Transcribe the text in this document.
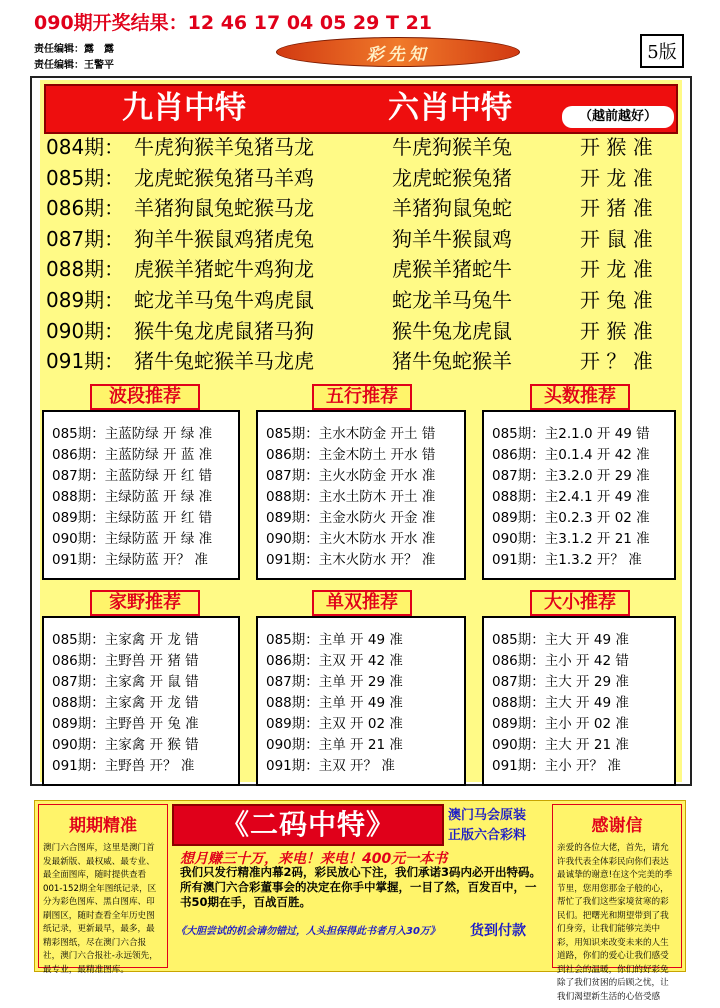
090期开奖结果：12 46 17 04 05 29 T 21
责任编辑：露　露
责任编辑：王警平
彩先知	5版
九肖中特	六肖中特	（越前越好）
084期： 牛虎狗猴羊兔猪马龙	牛虎狗猴羊兔	开 猴 准
085期： 龙虎蛇猴兔猪马羊鸡	龙虎蛇猴兔猪	开 龙 准
086期： 羊猪狗鼠兔蛇猴马龙	羊猪狗鼠兔蛇	开 猪 准
087期： 狗羊牛猴鼠鸡猪虎兔	狗羊牛猴鼠鸡	开 鼠 准
088期： 虎猴羊猪蛇牛鸡狗龙	虎猴羊猪蛇牛	开 龙 准
089期： 蛇龙羊马兔牛鸡虎鼠	蛇龙羊马兔牛	开 兔 准
090期： 猴牛兔龙虎鼠猪马狗	猴牛兔龙虎鼠	开 猴 准
091期： 猪牛兔蛇猴羊马龙虎	猪牛兔蛇猴羊	开 ？ 准
085期：主蓝防绿 开 绿 准
086期：主蓝防绿 开 蓝 准
087期：主蓝防绿 开 红 错
088期：主绿防蓝 开 绿 准
089期：主绿防蓝 开 红 错
090期：主绿防蓝 开 绿 准
091期：主绿防蓝 开？ 准
波段推荐
085期：主水木防金 开土 错
086期：主金木防土 开水 错
087期：主火水防金 开水 准
088期：主水土防木 开土 准
089期：主金水防火 开金 准
090期：主火木防水 开水 准
091期：主木火防水 开？ 准
五行推荐
085期：主2.1.0 开 49 错
086期：主0.1.4 开 42 准
087期：主3.2.0 开 29 准
088期：主2.4.1 开 49 准
089期：主0.2.3 开 02 准
090期：主3.1.2 开 21 准
091期：主1.3.2 开？ 准
头数推荐
085期：主家禽 开 龙 错
086期：主野兽 开 猪 错
087期：主家禽 开 鼠 错
088期：主家禽 开 龙 错
089期：主野兽 开 兔 准
090期：主家禽 开 猴 错
091期：主野兽 开？ 准
家野推荐
085期：主单 开 49 准
086期：主双 开 42 准
087期：主单 开 29 准
088期：主单 开 49 准
089期：主双 开 02 准
090期：主单 开 21 准
091期：主双 开？ 准
单双推荐
085期：主大 开 49 准
086期：主小 开 42 错
087期：主大 开 29 准
088期：主大 开 49 准
089期：主小 开 02 准
090期：主大 开 21 准
091期：主小 开？ 准
大小推荐
期期精准
澳门六合图库，这里是澳门首发最新版、最权威、最专业、最全面图库，随时提供查看001-152期全年图纸记录，区分为彩色图库、黑白图库、印刷图区，随时查看全年历史图纸记录，更新最早，最多，最精彩图纸，尽在澳门六合报社，澳门六合报社-永远领先，最专业，最精准图库。
感谢信
亲爱的各位大佬，首先，请允许我代表全体彩民向你们表达最诚挚的谢意!在这个完美的季节里，您用您那金子般的心，帮忙了我们这些家境贫寒的彩民们。把曙光和期望带到了我们身旁，让我们能够完美中彩，用知识来改变未来的人生道路，你们的爱心让我们感受到社会的温暖，你们的好彩免除了我们贫困的后顾之忧，让我们渴望新生活的心倍受感
《二码中特》	澳门马会原装
正版六合彩料
想月赚三十万，来电！来电！400元一本书
我们只发行精准内幕2码，彩民放心下注，我们承诺3码内必开出特码。所有澳门六合彩董事会的决定在你手中掌握，一目了然，百发百中，一书50期在手，百战百胜。
《大胆尝试的机会请勿错过，人头担保得此书者月入30万》 货到付款
